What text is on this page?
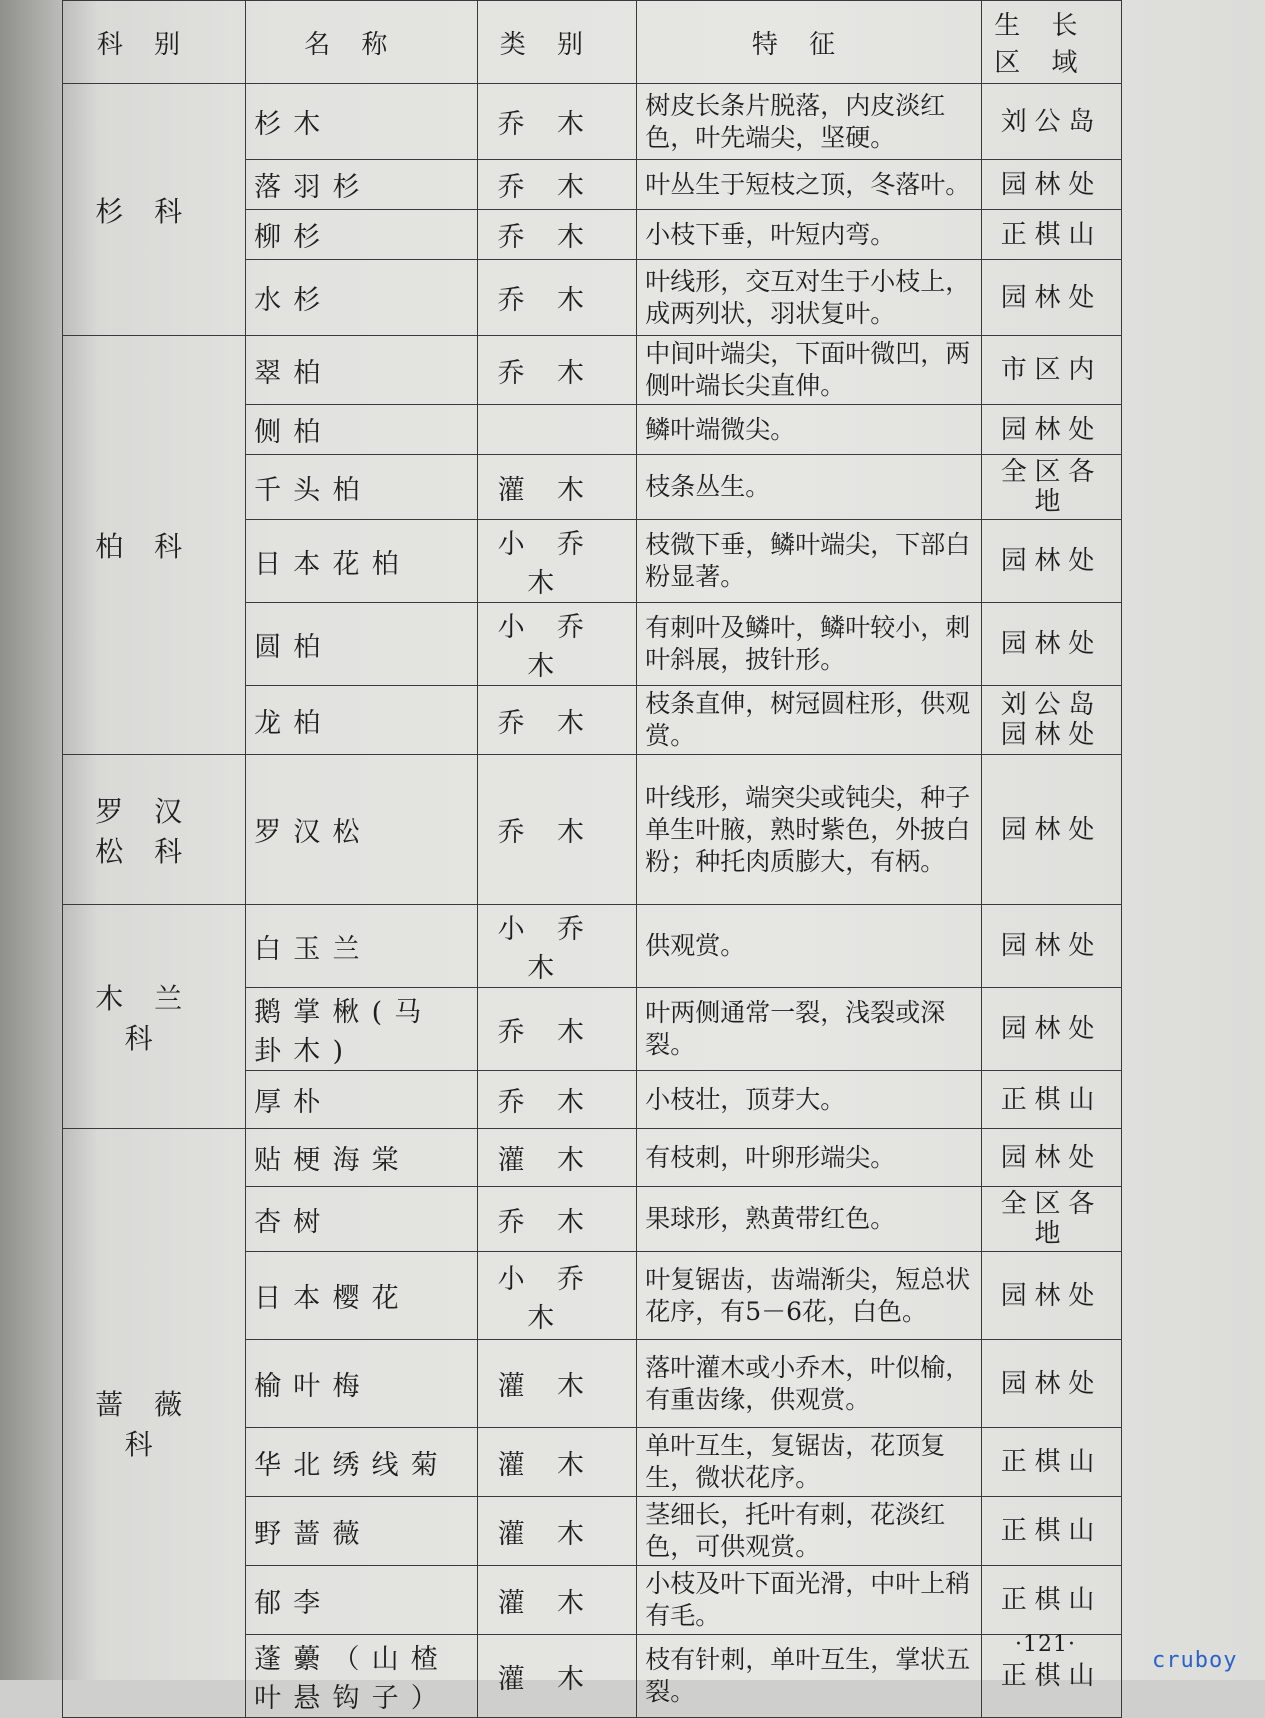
科别	名称	类别	特征	生长区域
杉科	杉木	乔木	树皮长条片脱落，内皮淡红色，叶先端尖，坚硬。	刘公岛
	落羽杉	乔木	叶丛生于短枝之顶，冬落叶。	园林处
	柳杉	乔木	小枝下垂，叶短内弯。	正棋山
	水杉	乔木	叶线形，交互对生于小枝上，成两列状，羽状复叶。	园林处
柏科	翠柏	乔木	中间叶端尖，下面叶微凹，两侧叶端长尖直伸。	市区内
	侧柏		鳞叶端微尖。	园林处
	千头柏	灌木	枝条丛生。	全区各地
	日本花柏	小乔木	枝微下垂，鳞叶端尖，下部白粉显著。	园林处
	圆柏	小乔木	有刺叶及鳞叶，鳞叶较小，刺叶斜展，披针形。	园林处
	龙柏	乔木	枝条直伸，树冠圆柱形，供观赏。	刘公岛 园林处
罗汉松科	罗汉松	乔木	叶线形，端突尖或钝尖，种子单生叶腋，熟时紫色，外披白粉；种托肉质膨大，有柄。	园林处
木兰科	白玉兰	小乔木	供观赏。	园林处
	鹅掌楸(马卦木)	乔木	叶两侧通常一裂，浅裂或深裂。	园林处
	厚朴	乔木	小枝壮，顶芽大。	正棋山
蔷薇科	贴梗海棠	灌木	有枝刺，叶卵形端尖。	园林处
	杏树	乔木	果球形，熟黄带红色。	全区各地
	日本樱花	小乔木	叶复锯齿，齿端渐尖，短总状花序，有5－6花，白色。	园林处
	榆叶梅	灌木	落叶灌木或小乔木，叶似榆，有重齿缘，供观赏。	园林处
	华北绣线菊	灌木	单叶互生，复锯齿，花顶复生，微状花序。	正棋山
	野蔷薇	灌木	茎细长，托叶有刺，花淡红色，可供观赏。	正棋山
	郁李	灌木	小枝及叶下面光滑，中叶上稍有毛。	正棋山
	蓬虆（山楂叶悬钩子）	灌木	枝有针刺，单叶互生，掌状五裂。	正棋山
·121·
cruboy
